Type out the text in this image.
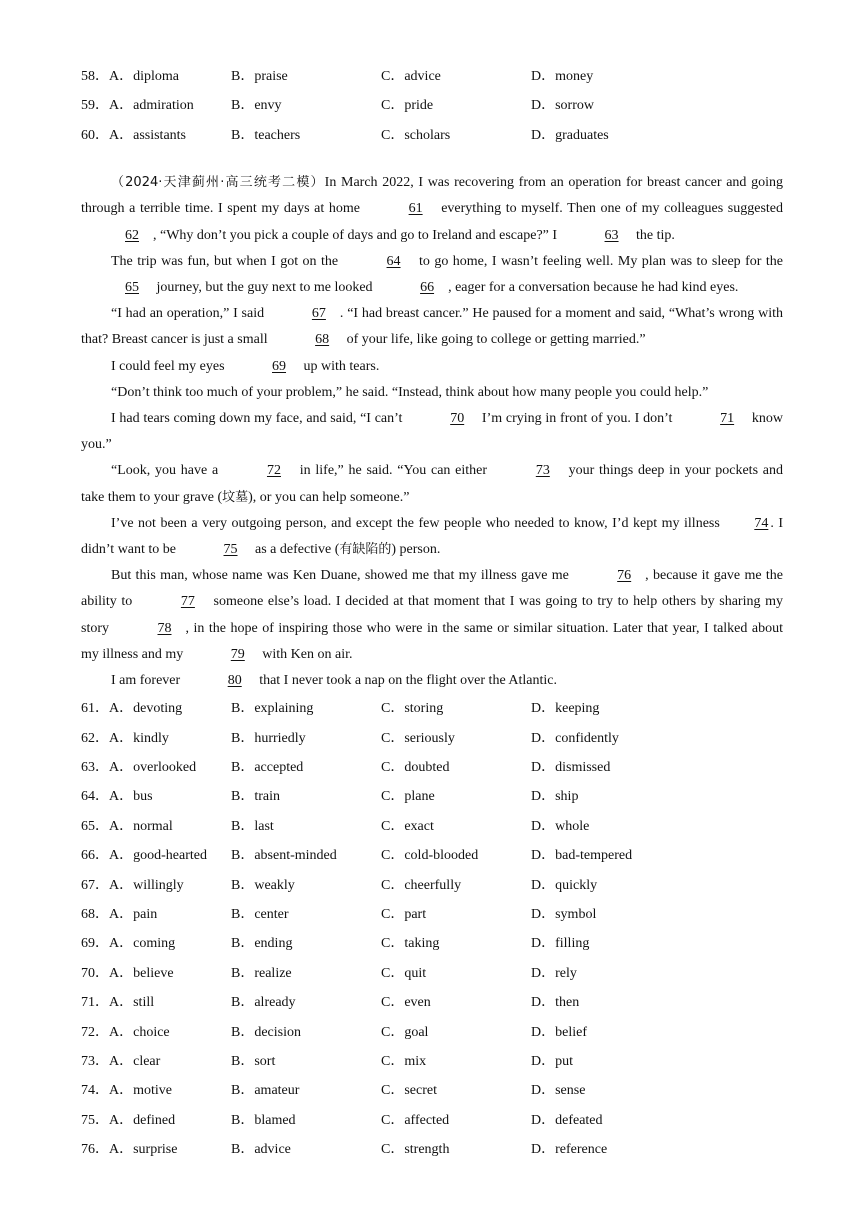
58．A．diploma	B．praise	C．advice	D．money
59．A．admiration	B．envy	C．pride	D．sorrow
60．A．assistants	B．teachers	C．scholars	D．graduates

（2024·天津蓟州·高三统考二模）In March 2022, I was recovering from an operation for breast cancer and going through a terrible time. I spent my days at home	61 everything to myself. Then one of my colleagues suggested 62 , “Why don’t you pick a couple of days and go to Ireland and escape?” I	63 the tip.

The trip was fun, but when I got on the	64 to go home, I wasn’t feeling well. My plan was to sleep for the 65 journey, but the guy next to me looked	66 , eager for a conversation because he had kind eyes.

“I had an operation,” I said	67 . “I had breast cancer.” He paused for a moment and said, “What’s wrong with that? Breast cancer is just a small	68 of your life, like going to college or getting married.”

I could feel my eyes	69 up with tears.

“Don’t think too much of your problem,” he said. “Instead, think about how many people you could help.”

I had tears coming down my face, and said, “I can’t	70 I’m crying in front of you. I don’t	71 know you.”

“Look, you have a	72 in life,” he said. “You can either	73 your things deep in your pockets and take them to your grave (坟墓), or you can help someone.”

I’ve not been a very outgoing person, and except the few people who needed to know, I’d kept my illness 74 . I didn’t want to be	75 as a defective (有缺陷的) person.

But this man, whose name was Ken Duane, showed me that my illness gave me	76 , because it gave me the ability to	77 someone else’s load. I decided at that moment that I was going to try to help others by sharing my story	78 , in the hope of inspiring those who were in the same or similar situation. Later that year, I talked about my illness and my	79 with Ken on air.

I am forever	80 that I never took a nap on the flight over the Atlantic.

61．A．devoting	B．explaining	C．storing	D．keeping
62．A．kindly	B．hurriedly	C．seriously	D．confidently
63．A．overlooked B．accepted	C．doubted	D．dismissed
64．A．bus	B．train	C．plane	D．ship
65．A．normal	B．last	C．exact	D．whole
66．A．good-hearted B．absent-minded	C．cold-blooded	D．bad-tempered
67．A．willingly	B．weakly	C．cheerfully	D．quickly
68．A．pain	B．center	C．part	D．symbol
69．A．coming	B．ending	C．taking	D．filling
70．A．believe	B．realize	C．quit	D．rely
71．A．still	B．already	C．even	D．then
72．A．choice	B．decision	C．goal	D．belief
73．A．clear	B．sort	C．mix	D．put
74．A．motive	B．amateur	C．secret	D．sense
75．A．defined	B．blamed	C．affected	D．defeated
76．A．surprise	B．advice	C．strength	D．reference
